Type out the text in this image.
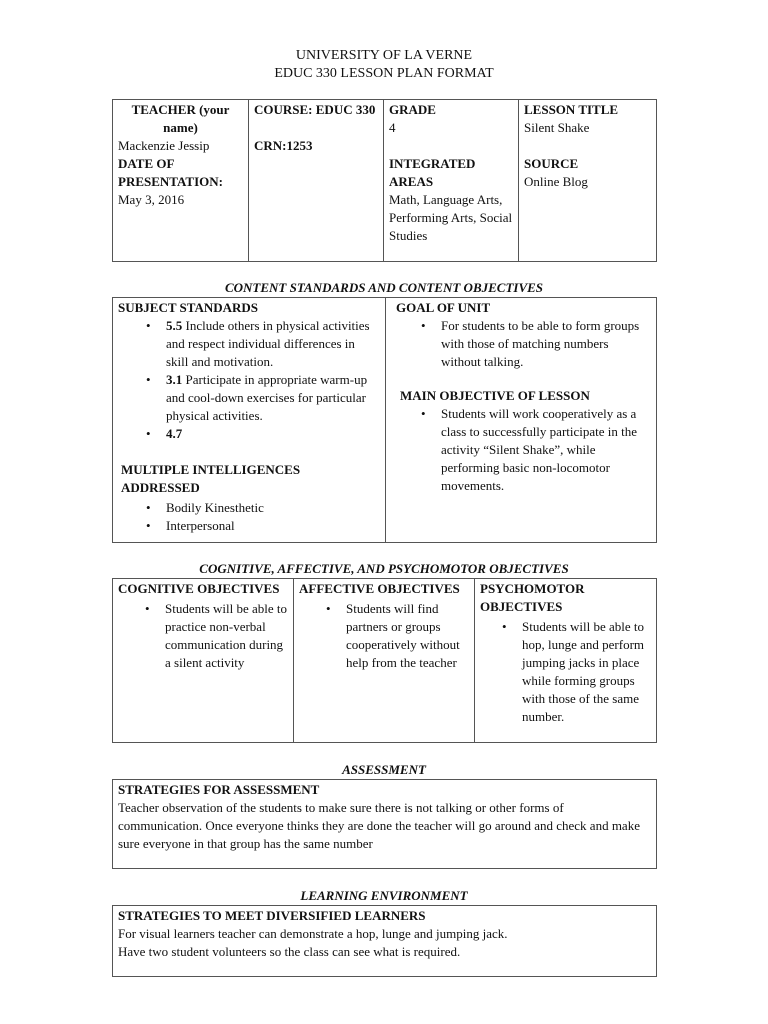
UNIVERSITY OF LA VERNE
EDUC 330 LESSON PLAN FORMAT
TEACHER (your name)
Mackenzie Jessip
DATE OF PRESENTATION:
May 3, 2016

COURSE: EDUC 330
CRN:1253

GRADE
4
INTEGRATED AREAS
Math, Language Arts, Performing Arts, Social Studies

LESSON TITLE
Silent Shake
SOURCE
Online Blog
CONTENT STANDARDS AND CONTENT OBJECTIVES
SUBJECT STANDARDS
• 5.5 Include others in physical activities and respect individual differences in skill and motivation.
• 3.1 Participate in appropriate warm-up and cool-down exercises for particular physical activities.
• 4.7
MULTIPLE INTELLIGENCES ADDRESSED
• Bodily Kinesthetic
• Interpersonal

GOAL OF UNIT
• For students to be able to form groups with those of matching numbers without talking.
MAIN OBJECTIVE OF LESSON
• Students will work cooperatively as a class to successfully participate in the activity “Silent Shake”, while performing basic non-locomotor movements.
COGNITIVE, AFFECTIVE, AND PSYCHOMOTOR OBJECTIVES
COGNITIVE OBJECTIVES
• Students will be able to practice non-verbal communication during a silent activity

AFFECTIVE OBJECTIVES
• Students will find partners or groups cooperatively without help from the teacher

PSYCHOMOTOR OBJECTIVES
• Students will be able to hop, lunge and perform jumping jacks in place while forming groups with those of the same number.
ASSESSMENT
STRATEGIES FOR ASSESSMENT
Teacher observation of the students to make sure there is not talking or other forms of communication. Once everyone thinks they are done the teacher will go around and check and make sure everyone in that group has the same number
LEARNING ENVIRONMENT
STRATEGIES TO MEET DIVERSIFIED LEARNERS
For visual learners teacher can demonstrate a hop, lunge and jumping jack.
Have two student volunteers so the class can see what is required.
